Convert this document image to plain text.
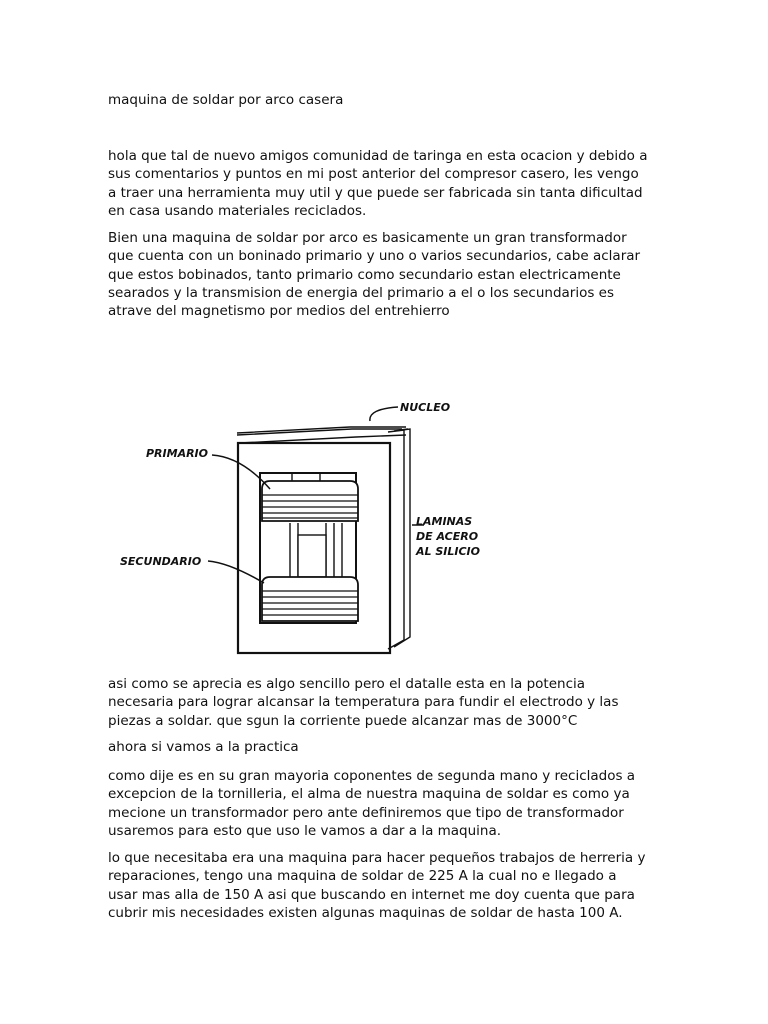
maquina de soldar por arco casera

hola que tal de nuevo amigos comunidad de taringa en esta ocacion y debido a
sus comentarios y puntos en mi post anterior del compresor casero, les vengo
a traer una herramienta muy util y que puede ser fabricada sin tanta dificultad
en casa usando materiales reciclados.

Bien una maquina de soldar por arco es basicamente un gran transformador
que cuenta con un boninado primario y uno o varios secundarios, cabe aclarar
que estos bobinados, tanto primario como secundario estan electricamente
searados y la transmision de energia del primario a el o los secundarios es
atrave del magnetismo por medios del entrehierro

NUCLEO
PRIMARIO
SECUNDARIO
LAMINAS
DE ACERO
AL SILICIO

asi como se aprecia es algo sencillo pero el datalle esta en la potencia
necesaria para lograr alcansar la temperatura para fundir el electrodo y las
piezas a soldar. que sgun la corriente puede alcanzar mas de 3000°C

ahora si vamos a la practica

como dije es en su gran mayoria coponentes de segunda mano y reciclados a
excepcion de la tornilleria, el alma de nuestra maquina de soldar es como ya
mecione un transformador pero ante definiremos que tipo de transformador
usaremos para esto que uso le vamos a dar a la maquina.

lo que necesitaba era una maquina para hacer pequeños trabajos de herreria y
reparaciones, tengo una maquina de soldar de 225 A la cual no e llegado a
usar mas alla de 150 A asi que buscando en internet me doy cuenta que para
cubrir mis necesidades existen algunas maquinas de soldar de hasta 100 A.
